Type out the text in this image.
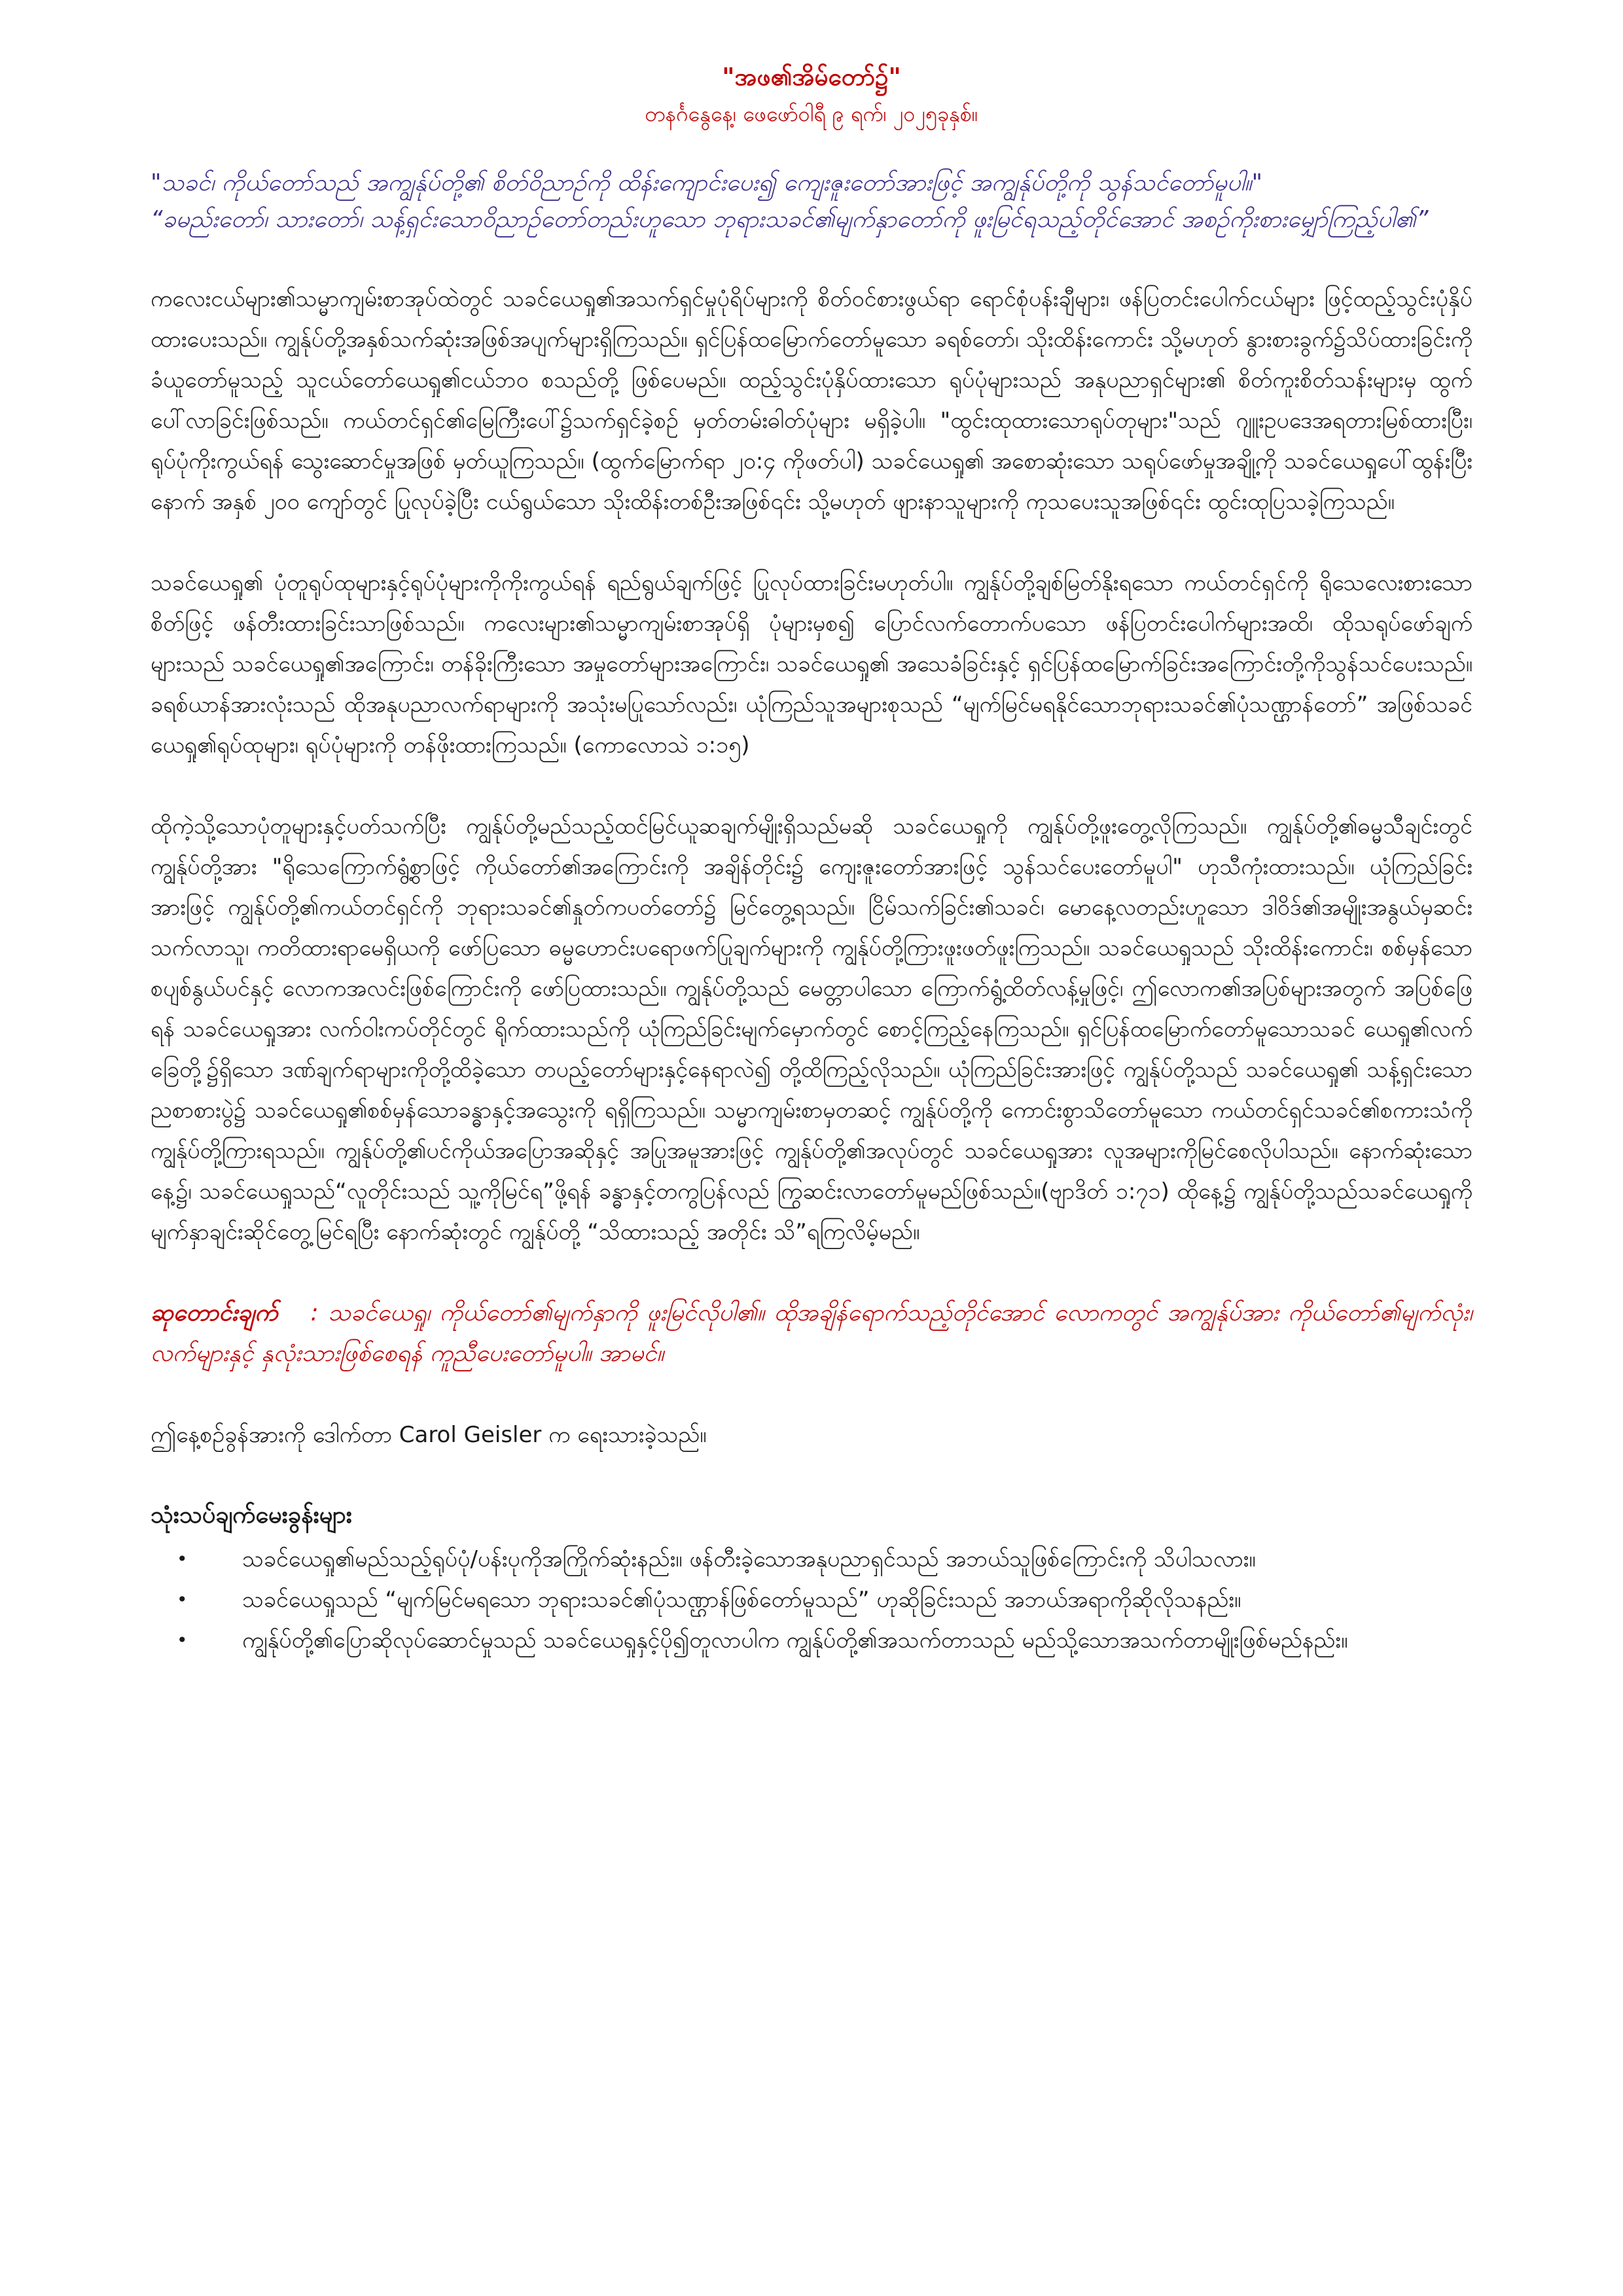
"အဖ၏အိမ်တော်၌"

တနင်္ဂနွေနေ့၊ ဖေဖော်ဝါရီ ၉ ရက်၊ ၂၀၂၅ခုနှစ်။

"သခင်၊ ကိုယ်တော်သည် အကျွန်ုပ်တို့၏ စိတ်ဝိညာဉ်ကို ထိန်းကျောင်းပေး၍ ကျေးဇူးတော်အားဖြင့် အကျွန်ုပ်တို့ကို သွန်သင်တော်မူပါ။"

“ခမည်းတော်၊ သားတော်၊ သန့်ရှင်းသောဝိညာဉ်တော်တည်းဟူသော ဘုရားသခင်၏မျက်နှာတော်ကို ဖူးမြင်ရသည့်တိုင်အောင် အစဉ်ကိုးစားမျှော်ကြည့်ပါ၏”

ကလေးငယ်များ၏သမ္မာကျမ်းစာအုပ်ထဲတွင် သခင်ယေရှု၏အသက်ရှင်မှုပုံရိပ်များကို စိတ်ဝင်စားဖွယ်ရာ ရောင်စုံပန်းချီများ၊ ဖန်ပြတင်းပေါက်ငယ်များ ဖြင့်ထည့်သွင်းပုံနှိပ်ထားပေးသည်။ ကျွန်ုပ်တို့အနှစ်သက်ဆုံးအဖြစ်အပျက်များရှိကြသည်။ ရှင်ပြန်ထမြောက်တော်မူသော ခရစ်တော်၊ သိုးထိန်းကောင်း သို့မဟုတ် နွားစားခွက်၌သိပ်ထားခြင်းကိုခံယူတော်မူသည့် သူငယ်တော်ယေရှု၏ငယ်ဘဝ စသည်တို့ ဖြစ်ပေမည်။ ထည့်သွင်းပုံနှိပ်ထားသော ရုပ်ပုံများသည် အနုပညာရှင်များ၏ စိတ်ကူးစိတ်သန်းများမှ ထွက်ပေါ်လာခြင်းဖြစ်သည်။ ကယ်တင်ရှင်၏မြေကြီးပေါ်၌သက်ရှင်ခဲ့စဉ် မှတ်တမ်းဓါတ်ပုံများ မရှိခဲ့ပါ။ "ထွင်းထုထားသောရုပ်တုများ"သည် ဂျူးဥပဒေအရတားမြစ်ထားပြီး၊ ရုပ်ပုံကိုးကွယ်ရန် သွေးဆောင်မှုအဖြစ် မှတ်ယူကြသည်။ (ထွက်မြောက်ရာ ၂၀:၄ ကိုဖတ်ပါ) သခင်ယေရှု၏ အစောဆုံးသော သရုပ်ဖော်မှုအချို့ကို သခင်ယေရှုပေါ်ထွန်းပြီးနောက် အနှစ် ၂၀၀ ကျော်တွင် ပြုလုပ်ခဲ့ပြီး ငယ်ရွယ်သော သိုးထိန်းတစ်ဦးအဖြစ်၎င်း သို့မဟုတ် ဖျားနာသူများကို ကုသပေးသူအဖြစ်၎င်း ထွင်းထုပြသခဲ့ကြသည်။

သခင်ယေရှု၏ ပုံတူရုပ်ထုများနှင့်ရုပ်ပုံများကိုကိုးကွယ်ရန် ရည်ရွယ်ချက်ဖြင့် ပြုလုပ်ထားခြင်းမဟုတ်ပါ။ ကျွန်ုပ်တို့ချစ်မြတ်နိုးရသော ကယ်တင်ရှင်ကို ရိုသေလေးစားသောစိတ်ဖြင့် ဖန်တီးထားခြင်းသာဖြစ်သည်။ ကလေးများ၏သမ္မာကျမ်းစာအုပ်ရှိ ပုံများမှစ၍ ပြောင်လက်တောက်ပသော ဖန်ပြတင်းပေါက်များအထိ၊ ထိုသရုပ်ဖော်ချက်များသည် သခင်ယေရှု၏အကြောင်း၊ တန်ခိုးကြီးသော အမှုတော်များအကြောင်း၊ သခင်ယေရှု၏ အသေခံခြင်းနှင့် ရှင်ပြန်ထမြောက်ခြင်းအကြောင်းတို့ကိုသွန်သင်ပေးသည်။ ခရစ်ယာန်အားလုံးသည် ထိုအနုပညာလက်ရာများကို အသုံးမပြုသော်လည်း၊ ယုံကြည်သူအများစုသည် “မျက်မြင်မရနိုင်သောဘုရားသခင်၏ပုံသဏ္ဌာန်တော်” အဖြစ်သခင်ယေရှု၏ရုပ်ထုများ၊ ရုပ်ပုံများကို တန်ဖိုးထားကြသည်။ (ကောလောသဲ ၁:၁၅)

ထိုကဲ့သို့သောပုံတူများနှင့်ပတ်သက်ပြီး ကျွန်ုပ်တို့မည်သည့်ထင်မြင်ယူဆချက်မျိုးရှိသည်မဆို သခင်ယေရှုကို ကျွန်ုပ်တို့ဖူးတွေ့လိုကြသည်။ ကျွန်ုပ်တို့၏ဓမ္မသီချင်းတွင် ကျွန်ုပ်တို့အား "ရိုသေကြောက်ရွံ့စွာဖြင့် ကိုယ်တော်၏အကြောင်းကို အချိန်တိုင်း၌ ကျေးဇူးတော်အားဖြင့် သွန်သင်ပေးတော်မူပါ" ဟုသီကုံးထားသည်။ ယုံကြည်ခြင်းအားဖြင့် ကျွန်ုပ်တို့၏ကယ်တင်ရှင်ကို ဘုရားသခင်၏နှုတ်ကပတ်တော်၌ မြင်တွေ့ရသည်။ ငြိမ်သက်ခြင်း၏သခင်၊ မောနေ့လတည်းဟူသော ဒါဝိဒ်၏အမျိုးအနွယ်မှဆင်း သက်လာသူ၊ ကတိထားရာမေရှိယကို ဖော်ပြသော ဓမ္မဟောင်းပရောဖက်ပြုချက်များကို ကျွန်ုပ်တို့ကြားဖူးဖတ်ဖူးကြသည်။ သခင်ယေရှုသည် သိုးထိန်းကောင်း၊ စစ်မှန်သောစပျစ်နွယ်ပင်နှင့် လောကအလင်းဖြစ်ကြောင်းကို ဖော်ပြထားသည်။ ကျွန်ုပ်တို့သည် မေတ္တာပါသော ကြောက်ရွံ့ထိတ်လန့်မှုဖြင့်၊ ဤလောက၏အပြစ်များအတွက် အပြစ်ဖြေရန် သခင်ယေရှုအား လက်ဝါးကပ်တိုင်တွင် ရိုက်ထားသည်ကို ယုံကြည်ခြင်းမျက်မှောက်တွင် စောင့်ကြည့်နေကြသည်။ ရှင်ပြန်ထမြောက်တော်မူသောသခင် ယေရှု၏လက်ခြေတို့၌ရှိသော ဒဏ်ချက်ရာများကိုတို့ထိခဲ့သော တပည့်တော်များနှင့်နေရာလဲ၍ တို့ထိကြည့်လိုသည်။ ယုံကြည်ခြင်းအားဖြင့် ကျွန်ုပ်တို့သည် သခင်ယေရှု၏ သန့်ရှင်းသောညစာစားပွဲ၌ သခင်ယေရှု၏စစ်မှန်သောခန္ဓာနှင့်အသွေးကို ရရှိကြသည်။ သမ္မာကျမ်းစာမှတဆင့် ကျွန်ုပ်တို့ကို ကောင်းစွာသိတော်မူသော ကယ်တင်ရှင်သခင်၏စကားသံကို ကျွန်ုပ်တို့ကြားရသည်။ ကျွန်ုပ်တို့၏ပင်ကိုယ်အပြောအဆိုနှင့် အပြုအမူအားဖြင့် ကျွန်ုပ်တို့၏အလုပ်တွင် သခင်ယေရှုအား လူအများကိုမြင်စေလိုပါသည်။ နောက်ဆုံးသောနေ့၌၊ သခင်ယေရှုသည်“လူတိုင်းသည် သူ့ကိုမြင်ရ”ဖို့ရန် ခန္ဓာနှင့်တကွပြန်လည် ကြွဆင်းလာတော်မူမည်ဖြစ်သည်။(ဗျာဒိတ် ၁:၇၁) ထိုနေ့၌ ကျွန်ုပ်တို့သည်သခင်ယေရှုကို မျက်နှာချင်းဆိုင်တွေ့မြင်ရပြီး နောက်ဆုံးတွင် ကျွန်ုပ်တို့ “သိထားသည့် အတိုင်း သိ”ရကြလိမ့်မည်။

ဆုတောင်းချက် : သခင်ယေရှု၊ ကိုယ်တော်၏မျက်နှာကို ဖူးမြင်လိုပါ၏။ ထိုအချိန်ရောက်သည့်တိုင်အောင် လောကတွင် အကျွန်ုပ်အား ကိုယ်တော်၏မျက်လုံး၊ လက်များနှင့် နှလုံးသားဖြစ်စေရန် ကူညီပေးတော်မူပါ။ အာမင်။

ဤနေ့စဉ်ခွန်အားကို ဒေါက်တာ Carol Geisler က ရေးသားခဲ့သည်။

သုံးသပ်ချက်မေးခွန်းများ
• သခင်ယေရှု၏မည်သည့်ရုပ်ပုံ/ပန်းပုကိုအကြိုက်ဆုံးနည်း။ ဖန်တီးခဲ့သောအနုပညာရှင်သည် အဘယ်သူဖြစ်ကြောင်းကို သိပါသလား။
• သခင်ယေရှုသည် “မျက်မြင်မရသော ဘုရားသခင်၏ပုံသဏ္ဌာန်ဖြစ်တော်မူသည်” ဟုဆိုခြင်းသည် အဘယ်အရာကိုဆိုလိုသနည်း။
• ကျွန်ုပ်တို့၏ပြောဆိုလုပ်ဆောင်မှုသည် သခင်ယေရှုနှင့်ပို၍တူလာပါက ကျွန်ုပ်တို့၏အသက်တာသည် မည်သို့သောအသက်တာမျိုးဖြစ်မည်နည်း။
